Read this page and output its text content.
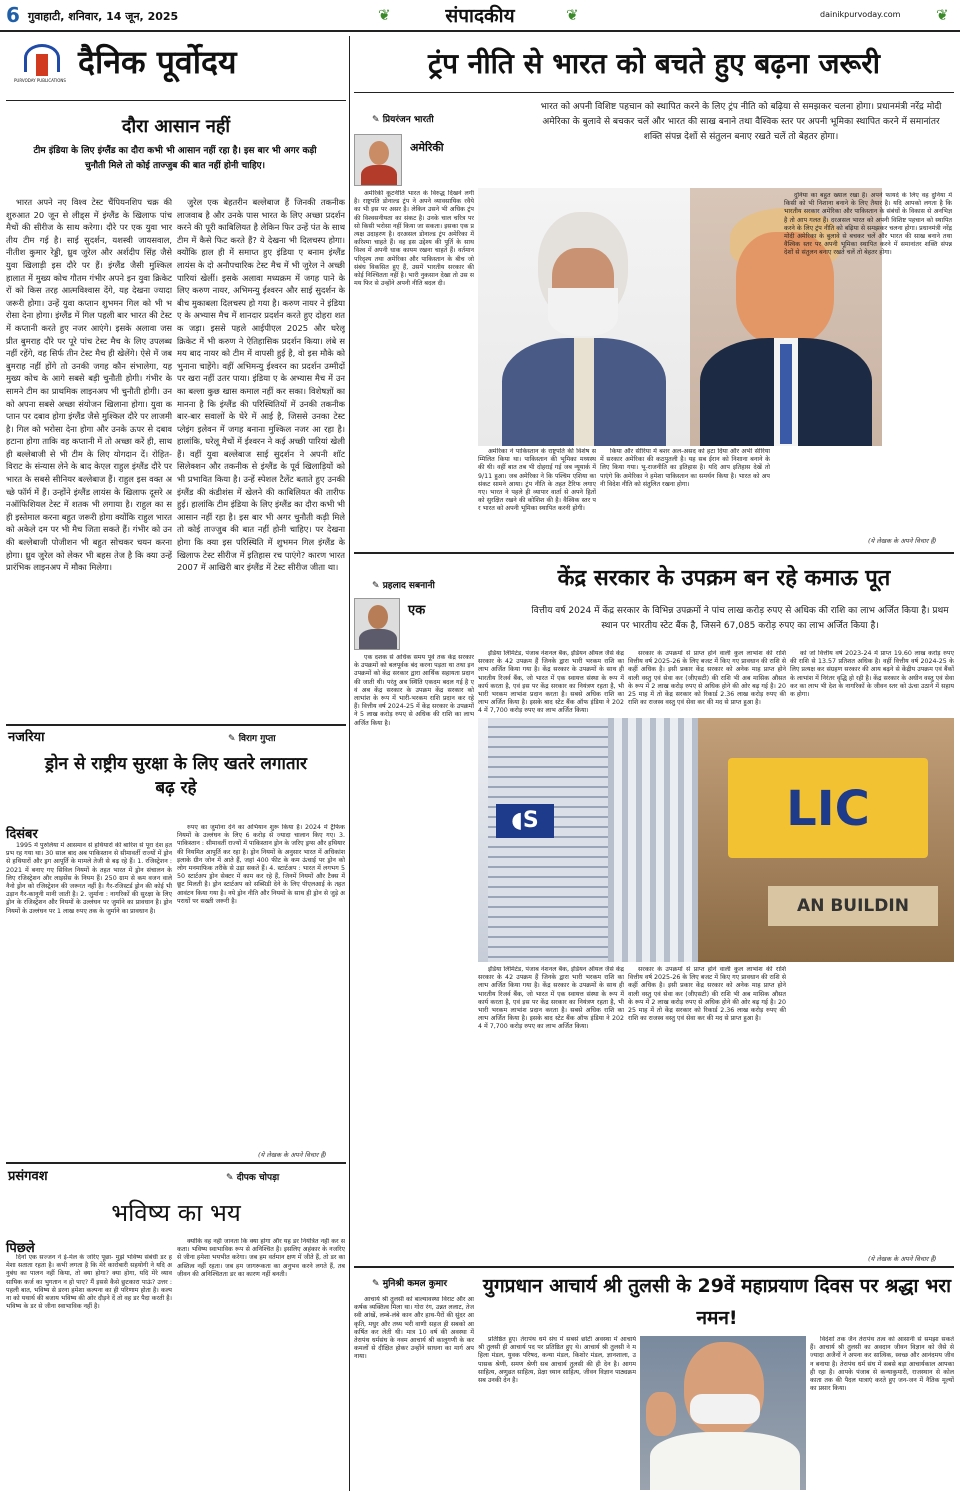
6 गुवाहाटी, शनिवार, 14 जून, 2025	❦	संपादकीय	❦	dainikpurvoday.com ❦
PURVODAY PUBLICATIONS दैनिक पूर्वोदय
दौरा आसान नहीं
टीम इंडिया के लिए इंग्लैंड का दौरा कभी भी आसान नहीं रहा है। इस बार भी अगर कड़ी चुनौती मिले तो कोई ताज्जुब की बात नहीं होनी चाहिए।

भारत अपने नए विश्व टेस्ट चैंपियनशिप चक्र की शुरुआत 20 जून से लीड्स में इंग्लैंड के खिलाफ पांच मैचों की सीरीज के साथ करेगा। दौरे पर एक युवा भारतीय टीम गई है। साई सुदर्शन, यशस्वी जायसवाल, नीतीश कुमार रेड्डी, ध्रुव जुरेल और अर्शदीप सिंह जैसे युवा खिलाड़ी इस दौरे पर हैं। इंग्लैंड जैसी मुश्किल हालात में मुख्य कोच गौतम गंभीर अपने इन युवा क्रिकेटरों को किस तरह आत्मविश्वास देंगे, यह देखना ज्यादा जरूरी होगा। उन्हें युवा कप्तान शुभमन गिल को भी भरोसा देना होगा। इंग्लैंड में गिल पहली बार भारत की टेस्ट में कप्तानी करते हुए नजर आएंगे। इसके अलावा जसप्रीत बुमराह दौरे पर पूरे पांच टेस्ट मैच के लिए उपलब्ध नहीं रहेंगे, वह सिर्फ तीन टेस्ट मैच ही खेलेंगे। ऐसे में जब बुमराह नहीं होंगे तो उनकी जगह कौन संभालेगा, यह मुख्य कोच के आगे सबसे बड़ी चुनौती होगी। गंभीर के सामने टीम का प्राथमिक लाइनअप भी चुनौती होगी। उनको अपना सबसे अच्छा संयोजन खिलाना होगा। युवा कप्तान पर दबाव होगा इंग्लैंड जैसे मुश्किल दौरे पर लाजमी है। गिल को भरोसा देना होगा और उनके ऊपर से दबाव हटाना होगा ताकि वह कप्तानी में तो अच्छा करें ही, साथ ही बल्लेबाजी से भी टीम के लिए योगदान दें। रोहित-विराट के संन्यास लेने के बाद केएल राहुल इंग्लैंड दौरे पर भारत के सबसे सीनियर बल्लेबाज हैं। राहुल इस वक्त अच्छे फॉर्म में हैं। उन्होंने इंग्लैंड लायंस के खिलाफ दूसरे अनऑफिशियल टेस्ट में शतक भी लगाया है। राहुल का सही इस्तेमाल करना बहुत जरूरी होगा क्योंकि राहुल भारत को अकेले दम पर भी मैच जिता सकते हैं। गंभीर को उनकी बल्लेबाजी पोजीशन भी बहुत सोचकर चयन करना होगा। ध्रुव जुरेल को लेकर भी बहस तेज है कि क्या उन्हें प्रारंभिक लाइनअप में मौका मिलेगा।

जुरेल एक बेहतरीन बल्लेबाज हैं जिनकी तकनीक लाजवाब है और उनके पास भारत के लिए अच्छा प्रदर्शन करने की पूरी काबिलियत है लेकिन फिर उन्हें पंत के साथ टीम में कैसे फिट करते हैं? ये देखना भी दिलचस्प होगा। क्योंकि हाल ही में समाप्त हुए इंडिया ए बनाम इंग्लैंड लायंस के दो अनौपचारिक टेस्ट मैच में भी जुरेल ने अच्छी पारियां खेलीं। इसके अलावा मध्यक्रम में जगह पाने के लिए करुण नायर, अभिमन्यु ईश्वरन और साई सुदर्शन के बीच मुकाबला दिलचस्प हो गया है। करुण नायर ने इंडिया ए के अभ्यास मैच में शानदार प्रदर्शन करते हुए दोहरा शतक जड़ा। इससे पहले आईपीएल 2025 और घरेलू क्रिकेट में भी करुण ने ऐतिहासिक प्रदर्शन किया। लंबे समय बाद नायर को टीम में वापसी हुई है, वो इस मौके को भुनाना चाहेंगे। वहीं अभिमन्यु ईश्वरन का प्रदर्शन उम्मीदों पर खरा नहीं उतर पाया। इंडिया ए के अभ्यास मैच में उनका बल्ला कुछ खास कमाल नहीं कर सका। विशेषज्ञों का मानना है कि इंग्लैंड की परिस्थितियों में उनकी तकनीक बार-बार सवालों के घेरे में आई है, जिससे उनका टेस्ट प्लेइंग इलेवन में जगह बनाना मुश्किल नजर आ रहा है। हालांकि, घरेलू मैचों में ईश्वरन ने कई अच्छी पारियां खेली हैं। वहीं युवा बल्लेबाज साई सुदर्शन ने अपनी शॉट सिलेक्शन और तकनीक से इंग्लैंड के पूर्व खिलाड़ियों को भी प्रभावित किया है। उन्हें स्पेशल टैलेंट बताते हुए उनकी इंग्लैंड की कंडीशंस में खेलने की काबिलियत की तारीफ हुई। हालांकि टीम इंडिया के लिए इंग्लैंड का दौरा कभी भी आसान नहीं रहा है। इस बार भी अगर चुनौती कड़ी मिले तो कोई ताज्जुब की बात नहीं होनी चाहिए। पर देखना होगा कि क्या इस परिस्थिति में शुभमन गिल इंग्लैंड के खिलाफ टेस्ट सीरीज में इतिहास रच पाएंगे? कारण भारत 2007 में आखिरी बार इंग्लैंड में टेस्ट सीरीज जीता था।

नजरिया	✎ विराग गुप्ता
ड्रोन से राष्ट्रीय सुरक्षा के लिए खतरे लगातार बढ़ रहे
दिसंबर

1995 में पुरुलिया में आसमान से हथियारों की बारिश से पूरा देश हतप्रभ रह गया था। 30 साल बाद अब पाकिस्तान से सीमावर्ती राज्यों में ड्रोन से हथियारों और ड्रग आपूर्ति के मामले तेजी से बढ़ रहे हैं। 1. रजिस्ट्रेशन : 2021 में बनाए गए सिविल नियमों के तहत भारत में ड्रोन संचालन के लिए रजिस्ट्रेशन और लाइसेंस के नियम हैं। 250 ग्राम से कम वजन वाले नैनो ड्रोन को रजिस्ट्रेशन की जरूरत नहीं है। गैर-रजिस्टर्ड ड्रोन की कोई भी उड़ान गैर-कानूनी मानी जाती है। 2. जुर्माना : नागरिकों की सुरक्षा के लिए ड्रोन के रजिस्ट्रेशन और नियमों के उल्लंघन पर जुर्माने का प्रावधान है। ड्रोन नियमों के उल्लंघन पर 1 लाख रुपए तक के जुर्माने का प्रावधान है।

रुपए का जुर्माना देने का अभियान शुरू किया है। 2024 में ट्रैफिक नियमों के उल्लंघन के लिए 6 करोड़ से ज्यादा चालान किए गए। 3. पाकिस्तान : सीमावर्ती राज्यों में पाकिस्तान ड्रोन के जरिए ड्रग्स और हथियार की नियमित आपूर्ति कर रहा है। ड्रोन नियमों के अनुसार भारत में अधिकांश इलाके ग्रीन जोन में आते हैं, जहां 400 फीट के कम ऊंचाई पर ड्रोन को लोग मनमाफिक तरीके से उड़ा सकते हैं। 4. स्टार्टअप : भारत में लगभग 550 स्टार्टअप ड्रोन सेक्टर में काम कर रहे हैं, जिनमें नियमों और टैक्स में छूट मिलती है। ड्रोन स्टार्टअप को सब्सिडी देने के लिए पीएलआई के तहत आवंटन किया गया है। नये ड्रोन नीति और नियमों के साथ ही ड्रोन से जुड़े अपराधों पर सख्ती जरूरी है।

(ये लेखक के अपने विचार हैं)
प्रसंगवश	✎ दीपक चोपड़ा
भविष्य का भय
पिछले

दिनों एक सज्जन ने ई-मेल के जरिए पूछा- मुझे भविष्य संबंधी डर हमेशा सताता रहता है। कभी लगता है कि मेरे कारोबारी सहयोगी ने यदि अनुबंध का पालन नहीं किया, तो क्या होगा? क्या होगा, यदि मेरे व्यावसायिक कर्ज का भुगतान न हो पाए? मैं इससे कैसे छुटकारा पाऊं? उत्तर : पहली बात, भविष्य से डरना हमेशा कल्पना का ही परिणाम होता है। कल्पना को यथार्थ की बजाय भविष्य की ओर दौड़ने दें तो वह डर पैदा करती है। भविष्य के डर से जीना स्वाभाविक नहीं है।

क्योंकि वह नहीं जानता कि क्या होगा और यह डर नियंत्रित नहीं कर सकता। भविष्य स्वाभाविक रूप से अनिश्चित है। इसलिए अहंकार के नजरिए से जीना हमेशा भयभीत करेगा। जब हम वर्तमान क्षण में जीते हैं, तो डर का अस्तित्व नहीं रहता। जब हम जागरूकता का अनुभव करने लगते हैं, तब जीवन की अनिश्चितता डर का कारण नहीं बनती।

ट्रंप नीति से भारत को बचते हुए बढ़ना जरूरी
✎ प्रियरंजन भारती
भारत को अपनी विशिष्ट पहचान को स्थापित करने के लिए ट्रंप नीति को बढ़िया से समझकर चलना होगा। प्रधानमंत्री नरेंद्र मोदी अमेरिका के बुलावे से बचकर चलें और भारत की साख बनाने तथा वैश्विक स्तर पर अपनी भूमिका स्थापित करने में समानांतर शक्ति संपन्न देशों से संतुलन बनाए रखते चलें तो बेहतर होगा।
अमेरिकी

अमेरिकी कूटनीति भारत के विरुद्ध दिखने लगी है। राष्ट्रपति डोनाल्ड ट्रंप ने अपने व्यावसायिक रवैये का भी इस पर असर है। लेकिन उसने भी अधिक ट्रंप की विश्वसनीयता का संकट है। उनके चाल चरित्र पर सो किसी भरोसा नहीं किया जा सकता। इसका एक प्रत्यक्ष उदाहरण है। दरअसल डोनाल्ड ट्रंप अमेरिका में करिश्मा चाहते हैं। वह इस उद्देश्य की पूर्ति के साथ विश्व में अपनी धाक कायम रखना चाहते हैं। वर्तमान परिदृश्य तथा अमेरिका और पाकिस्तान के बीच जो संबंध विकसित हुए हैं, उसमें भारतीय सरकार की कोई निश्चितता नहीं है। भारी नुकसान देखा तो उस समय फिर से उन्होंने अपनी नीति बदल दी।

अमेरिका ने पाकिस्तान के राष्ट्रपति की विशेष सम्मिलित किया था। पाकिस्तान की भूमिका मध्यस्थ की थी। वहीं बात तब भी दोहराई गई जब न्यूयार्क में 9/11 हुआ। जब अमेरिका ने कि पश्चिम एशिया का संकट सामने आया। ट्रंप नीति के तहत टैरिफ लगाए गए। भारत ने पहले ही व्यापार वार्ता से अपने हितों को सुरक्षित रखने की कोशिश की है। वैश्विक स्तर पर भारत को अपनी भूमिका स्थापित करनी होगी।

किया और सीरिया में बशर अल-असद को हटा दिया और अभी सीरिया में सरकार अमेरिका की कठपुतली है। यह सब ईरान को निशाना बनाने के लिए किया गया। भू-राजनीति का इतिहास है। यदि आप इतिहास देखें तो पाएंगे कि अमेरिका ने हमेशा पाकिस्तान का समर्थन किया है। भारत को अपनी विदेश नीति को संतुलित रखना होगा।

दुनिया का बहुत ख्याल रखा है। अपने फायदे के लिए वह दुनिया में किसी को भी निशाना बनाने के लिए तैयार है। यदि आपको लगता है कि भारतीय सरकार अमेरिका और पाकिस्तान के संबंधों के विकास से अनभिज्ञ है तो आप गलत हैं। दरअसल भारत को अपनी विशिष्ट पहचान को स्थापित करने के लिए ट्रंप नीति को बढ़िया से समझकर चलना होगा। प्रधानमंत्री नरेंद्र मोदी अमेरिका के बुलावे से बचकर चलें और भारत की साख बनाने तथा वैश्विक स्तर पर अपनी भूमिका स्थापित करने में समानांतर शक्ति संपन्न देशों से संतुलन बनाए रखते चलें तो बेहतर होगा।

(ये लेखक के अपने विचार हैं)
केंद्र सरकार के उपक्रम बन रहे कमाऊ पूत
✎ प्रहलाद सबनानी
वित्तीय वर्ष 2024 में केंद्र सरकार के विभिन्न उपक्रमों ने पांच लाख करोड़ रुपए से अधिक की राशि का लाभ अर्जित किया है। प्रथम स्थान पर भारतीय स्टेट बैंक है, जिसने 67,085 करोड़ रुपए का लाभ अर्जित किया है।
एक

एक दशक से अधिक समय पूर्व तक केंद्र सरकार के उपक्रमों को बलपूर्वक बंद करना पड़ता था तथा इन उपक्रमों को केंद्र सरकार द्वारा आर्थिक सहायता प्रदान की जाती थी। परंतु अब स्थिति एकदम बदल गई है एवं अब केंद्र सरकार के उपक्रम केंद्र सरकार को लाभांश के रूप में भारी-भरकम राशि प्रदान कर रहे हैं। वित्तीय वर्ष 2024-25 में केंद्र सरकार के उपक्रमों ने 5 लाख करोड़ रुपए से अधिक की राशि का लाभ अर्जित किया है।

◖S	LIC
AN BUILDIN

इंडिया लिमिटेड, पंजाब नेशनल बैंक, इंडियन ऑयल जैसे केंद्र सरकार के 42 उपक्रम हैं जिनके द्वारा भारी भरकम राशि का लाभ अर्जित किया गया है। केंद्र सरकार के उपक्रमों के साथ ही भारतीय रिजर्व बैंक, जो भारत में एक स्वायत्त संस्था के रूप में कार्य करता है, एवं इस पर केंद्र सरकार का नियंत्रण रहता है, भी भारी भरकम लाभांश प्रदान करता है। सबसे अधिक राशि का लाभ अर्जित किया है। इसके बाद स्टेट बैंक ऑफ इंडिया ने 2024 में 7,700 करोड़ रुपए का लाभ अर्जित किया।

सरकार के उपक्रमों से प्राप्त होने वाली कुल लाभांश की राशि वित्तीय वर्ष 2025-26 के लिए बजट में किए गए प्रावधान की राशि से कहीं अधिक है। इसी प्रकार केंद्र सरकार को अनेक माह प्राप्त होने वाली वस्तु एवं सेवा कर (जीएसटी) की राशि भी अब मासिक औसत के रूप में 2 लाख करोड़ रुपए से अधिक होने की ओर बढ़ गई है। 2025 माह में तो केंद्र सरकार को रिकार्ड 2.36 लाख करोड़ रुपए की राशि का राजस्व वस्तु एवं सेवा कर की मद से प्राप्त हुआ है।

इंडिया लिमिटेड, पंजाब नेशनल बैंक, इंडियन ऑयल जैसे केंद्र सरकार के 42 उपक्रम हैं जिनके द्वारा भारी भरकम राशि का लाभ अर्जित किया गया है। केंद्र सरकार के उपक्रमों के साथ ही भारतीय रिजर्व बैंक, जो भारत में एक स्वायत्त संस्था के रूप में कार्य करता है, एवं इस पर केंद्र सरकार का नियंत्रण रहता है, भी भारी भरकम लाभांश प्रदान करता है। सबसे अधिक राशि का लाभ अर्जित किया है। इसके बाद स्टेट बैंक ऑफ इंडिया ने 2024 में 7,700 करोड़ रुपए का लाभ अर्जित किया।

सरकार के उपक्रमों से प्राप्त होने वाली कुल लाभांश की राशि वित्तीय वर्ष 2025-26 के लिए बजट में किए गए प्रावधान की राशि से कहीं अधिक है। इसी प्रकार केंद्र सरकार को अनेक माह प्राप्त होने वाली वस्तु एवं सेवा कर (जीएसटी) की राशि भी अब मासिक औसत के रूप में 2 लाख करोड़ रुपए से अधिक होने की ओर बढ़ गई है। 2025 माह में तो केंद्र सरकार को रिकार्ड 2.36 लाख करोड़ रुपए की राशि का राजस्व वस्तु एवं सेवा कर की मद से प्राप्त हुआ है।

को जो वित्तीय वर्ष 2023-24 में प्राप्त 19.60 लाख करोड़ रुपए की राशि से 13.57 प्रतिशत अधिक है। वहीं वित्तीय वर्ष 2024-25 के लिए प्रत्यक्ष कर संग्रहण सरकार की आय बढ़ने से केंद्रीय उपक्रम एवं बैंकों के लाभांश में निरंतर वृद्धि हो रही है। केंद्र सरकार के अधीन वस्तु एवं सेवा कर का लाभ भी देश के नागरिकों के जीवन स्तर को ऊंचा उठाने में सहायक होगा।

(ये लेखक के अपने विचार हैं)
✎ मुनिश्री कमल कुमार युगप्रधान आचार्य श्री तुलसी के 29वें महाप्रयाण दिवस पर श्रद्धा भरा नमन!

आचार्य श्री तुलसी को बाल्यावस्था विराट और आकर्षक व्यक्तित्व मिला था। गोरा रंग, उन्नत ललाट, तेजस्वी आंखें, लम्बे-लंबे कान और हाथ-पैरों की सुंदर आकृति, मधुर और तथ्य भरी वाणी सहज ही सबको आकर्षित कर लेती थी। मात्र 10 वर्ष की अवस्था में तेरापंथ धर्मसंघ के नवम आचार्य श्री कालूगणी के कर कमलों से दीक्षित होकर उन्होंने साधना का मार्ग अपनाया।

प्रतिष्ठित हुए। तेरापंथ धर्म संघ में सबसे छोटी अवस्था में आचार्य श्री तुलसी ही आचार्य पद पर प्रतिष्ठित हुए थे। आचार्य श्री तुलसी ने महिला मंडल, युवक परिषद, कन्या मंडल, किशोर मंडल, ज्ञानशाला, उपासक श्रेणी, समण श्रेणी सब आचार्य तुलसी की ही देन है। आगम साहित्य, अणुव्रत साहित्य, प्रेक्षा ध्यान साहित्य, जीवन विज्ञान पाठ्यक्रम सब उनकी देन है।

विदेशों तक जैन तेरापंथ तत्व को आसानी से समझा सकते हैं। आचार्य श्री तुलसी का अवदान जीवन विज्ञान को जैसे से ज्यादा अजैनों ने अपना कर सात्विक, स्वच्छ और आनंदमय जीवन बनाया है। तेरापंथ धर्म संघ में सबसे बड़ा आचार्यकाल आपका ही रहा है। आपके पंजाब से कन्याकुमारी, राजस्थान से कोलकाता तक की पैदल यात्राएं करते हुए जन-जन में नैतिक मूल्यों का प्रसार किया।
